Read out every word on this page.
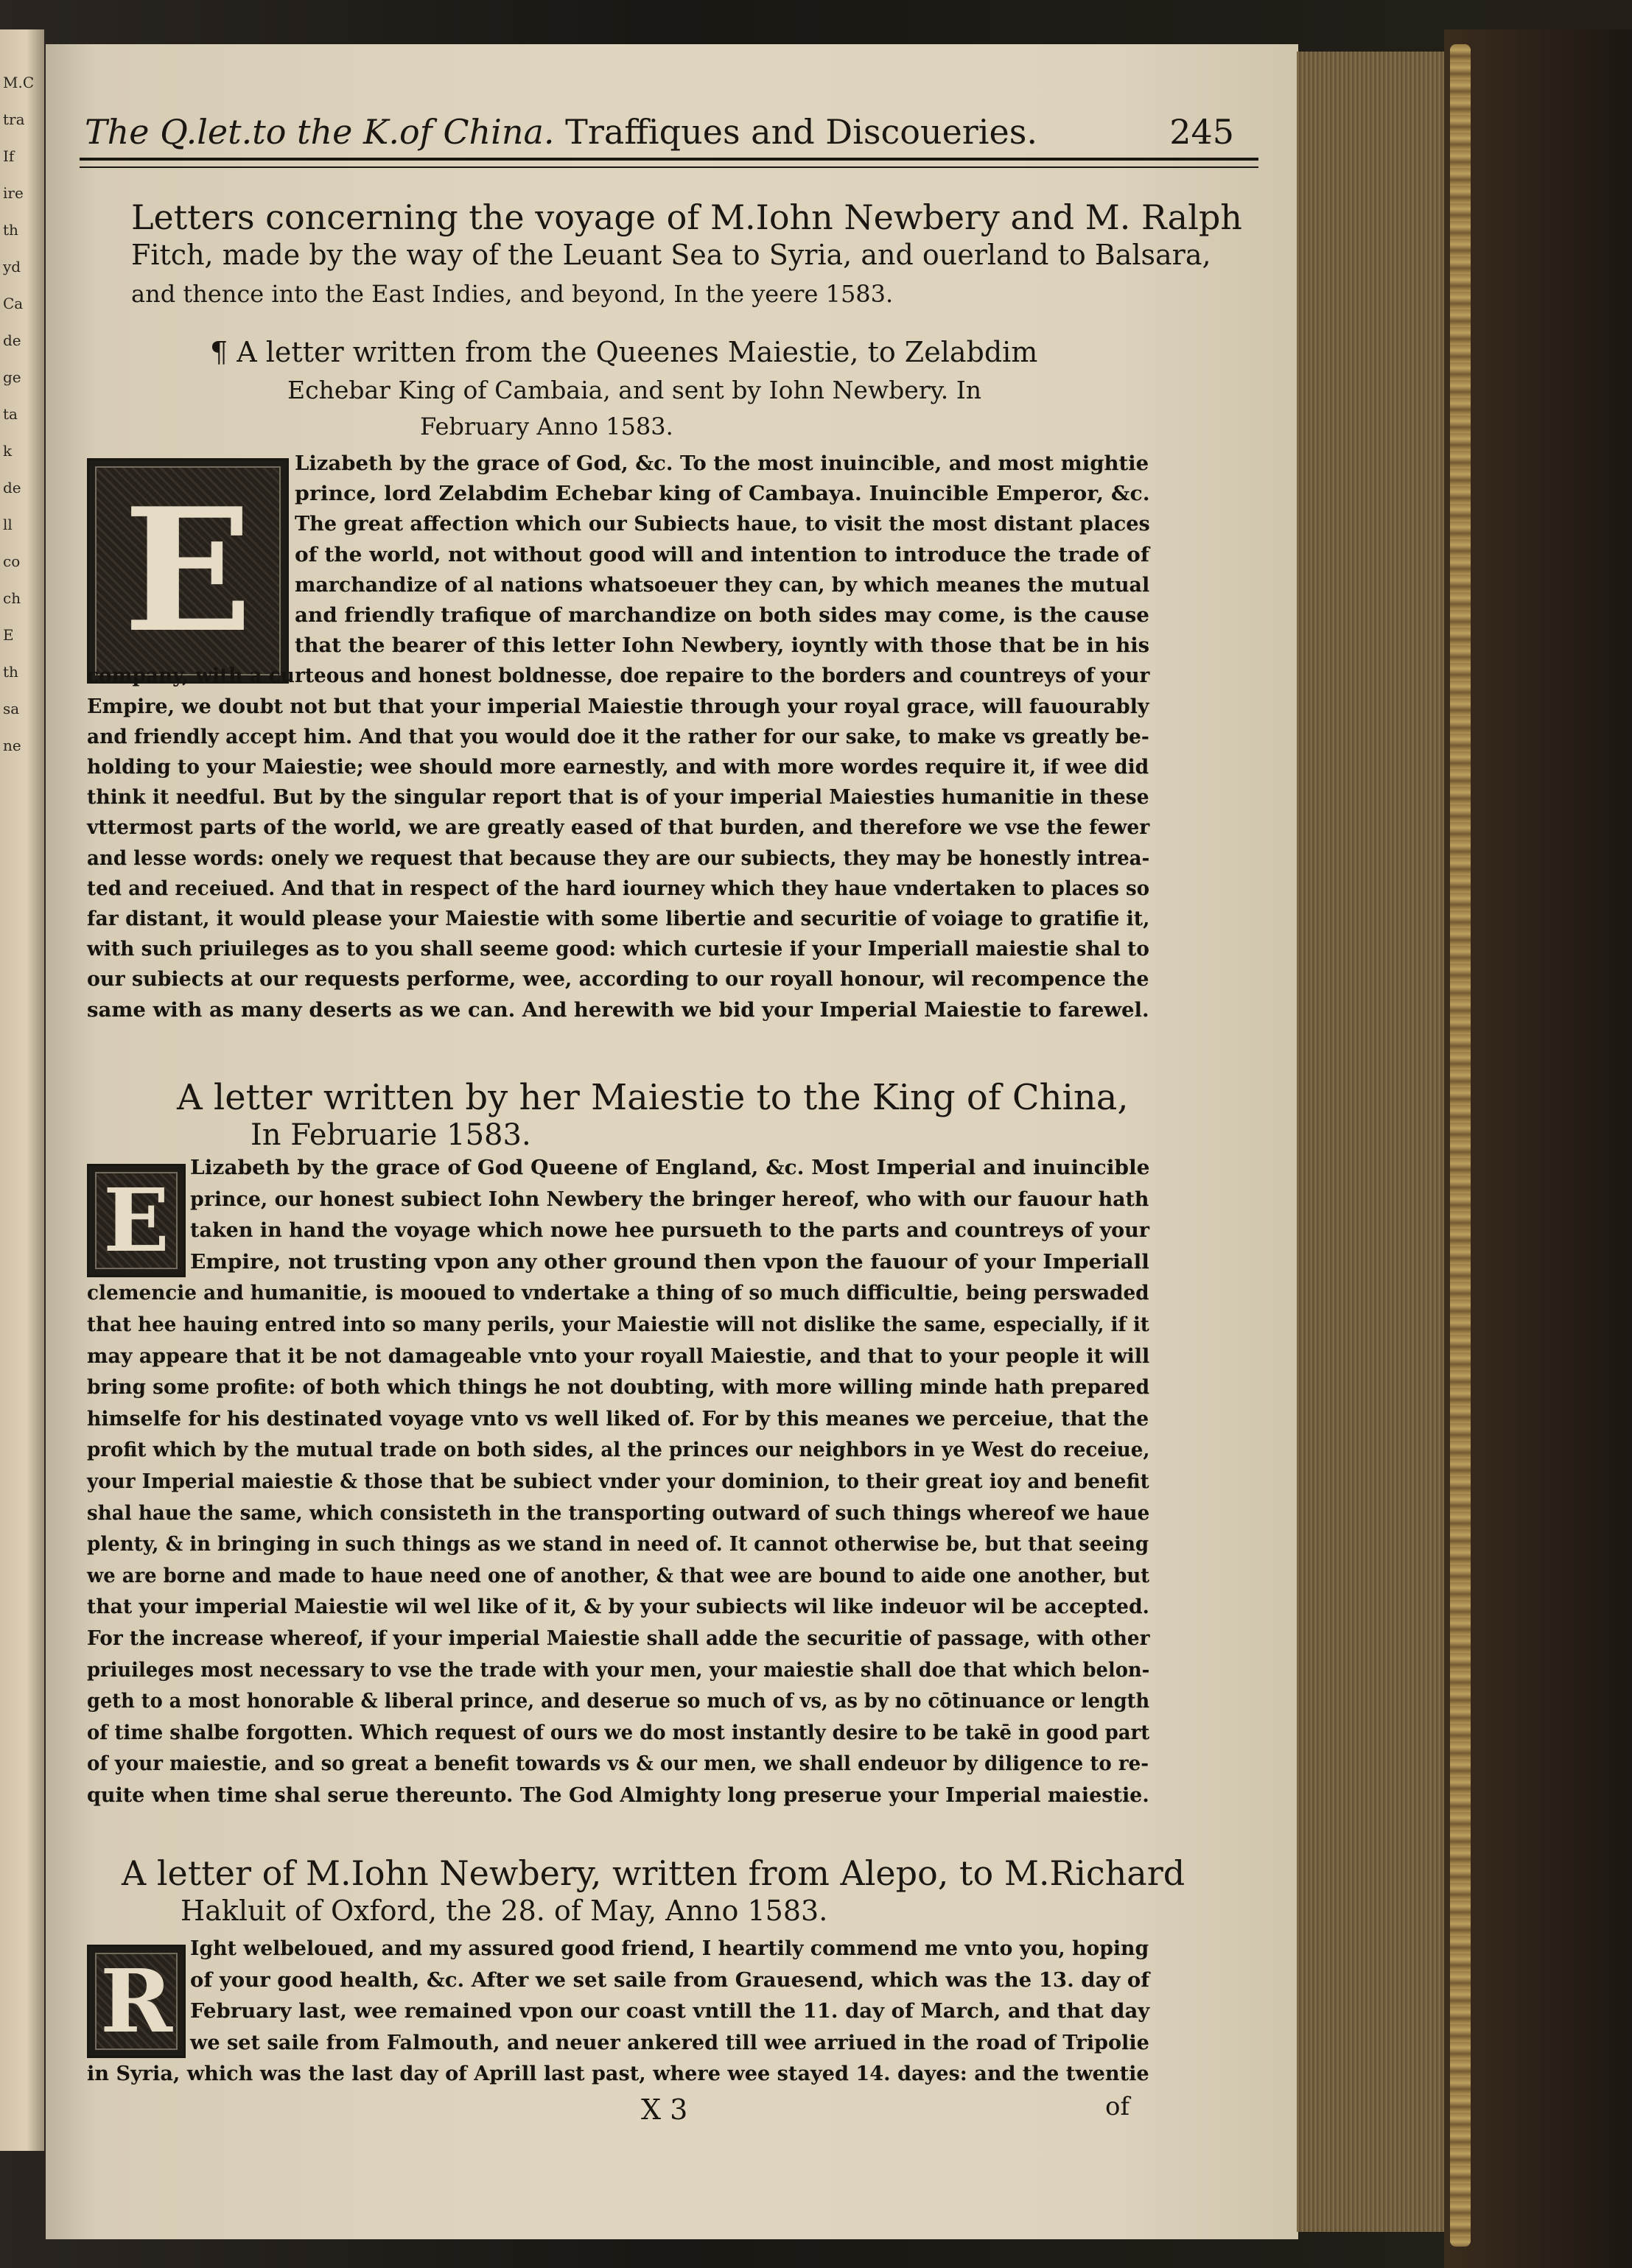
M.C
tra
If
ire
th
yd
Ca
de
ge
ta
k
de
ll
co
ch
E
th
sa
ne
The Q.let.to the K.of China. Traffiques and Discoueries.	245
Letters concerning the voyage of M.Iohn Newbery and M. Ralph
Fitch, made by the way of the Leuant Sea to Syria, and ouerland to Balsara,
and thence into the East Indies, and beyond, In the yeere 1583.
¶ A letter written from the Queenes Maiestie, to Zelabdim
Echebar King of Cambaia, and sent by Iohn Newbery. In
February Anno 1583.
E
Lizabeth by the grace of God, &c. To the most inuincible, and most mightie
prince, lord Zelabdim Echebar king of Cambaya. Inuincible Emperor, &c.
The great affection which our Subiects haue, to visit the most distant places
of the world, not without good will and intention to introduce the trade of
marchandize of al nations whatsoeuer they can, by which meanes the mutual
and friendly trafique of marchandize on both sides may come, is the cause
that the bearer of this letter Iohn Newbery, ioyntly with those that be in his
company, with a curteous and honest boldnesse, doe repaire to the borders and countreys of your
Empire, we doubt not but that your imperial Maiestie through your royal grace, will fauourably
and friendly accept him. And that you would doe it the rather for our sake, to make vs greatly be-
holding to your Maiestie; wee should more earnestly, and with more wordes require it, if wee did
think it needful. But by the singular report that is of your imperial Maiesties humanitie in these
vttermost parts of the world, we are greatly eased of that burden, and therefore we vse the fewer
and lesse words: onely we request that because they are our subiects, they may be honestly intrea-
ted and receiued. And that in respect of the hard iourney which they haue vndertaken to places so
far distant, it would please your Maiestie with some libertie and securitie of voiage to gratifie it,
with such priuileges as to you shall seeme good: which curtesie if your Imperiall maiestie shal to
our subiects at our requests performe, wee, according to our royall honour, wil recompence the
same with as many deserts as we can. And herewith we bid your Imperial Maiestie to farewel.
A letter written by her Maiestie to the King of China,
In Februarie 1583.
E
Lizabeth by the grace of God Queene of England, &c. Most Imperial and inuincible
prince, our honest subiect Iohn Newbery the bringer hereof, who with our fauour hath
taken in hand the voyage which nowe hee pursueth to the parts and countreys of your
Empire, not trusting vpon any other ground then vpon the fauour of your Imperiall
clemencie and humanitie, is mooued to vndertake a thing of so much difficultie, being perswaded
that hee hauing entred into so many perils, your Maiestie will not dislike the same, especially, if it
may appeare that it be not damageable vnto your royall Maiestie, and that to your people it will
bring some profite: of both which things he not doubting, with more willing minde hath prepared
himselfe for his destinated voyage vnto vs well liked of. For by this meanes we perceiue, that the
profit which by the mutual trade on both sides, al the princes our neighbors in ye West do receiue,
your Imperial maiestie & those that be subiect vnder your dominion, to their great ioy and benefit
shal haue the same, which consisteth in the transporting outward of such things whereof we haue
plenty, & in bringing in such things as we stand in need of. It cannot otherwise be, but that seeing
we are borne and made to haue need one of another, & that wee are bound to aide one another, but
that your imperial Maiestie wil wel like of it, & by your subiects wil like indeuor wil be accepted.
For the increase whereof, if your imperial Maiestie shall adde the securitie of passage, with other
priuileges most necessary to vse the trade with your men, your maiestie shall doe that which belon-
geth to a most honorable & liberal prince, and deserue so much of vs, as by no cōtinuance or length
of time shalbe forgotten. Which request of ours we do most instantly desire to be takē in good part
of your maiestie, and so great a benefit towards vs & our men, we shall endeuor by diligence to re-
quite when time shal serue thereunto. The God Almighty long preserue your Imperial maiestie.
A letter of M.Iohn Newbery, written from Alepo, to M.Richard
Hakluit of Oxford, the 28. of May, Anno 1583.
R
Ight welbeloued, and my assured good friend, I heartily commend me vnto you, hoping
of your good health, &c. After we set saile from Grauesend, which was the 13. day of
February last, wee remained vpon our coast vntill the 11. day of March, and that day
we set saile from Falmouth, and neuer ankered till wee arriued in the road of Tripolie
in Syria, which was the last day of Aprill last past, where wee stayed 14. dayes: and the twentie
X 3	of
